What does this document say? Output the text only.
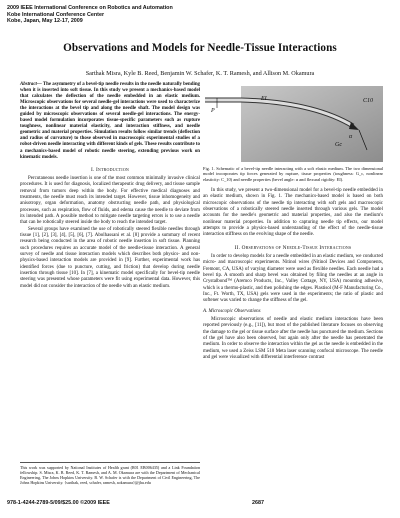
2009 IEEE International Conference on Robotics and Automation
Kobe International Conference Center
Kobe, Japan, May 12-17, 2009
Observations and Models for Needle-Tissue Interactions
Sarthak Misra, Kyle B. Reed, Benjamin W. Schafer, K. T. Ramesh, and Allison M. Okamura
Abstract— The asymmetry of a bevel-tip needle results in the needle naturally bending when it is inserted into soft tissue. In this study we present a mechanics-based model that calculates the deflection of the needle embedded in an elastic medium. Microscopic observations for several needle-gel interactions were used to characterize the interactions at the bevel tip and along the needle shaft. The model design was guided by microscopic observations of several needle-gel interactions. The energy-based model formulation incorporates tissue-specific parameters such as rupture toughness, nonlinear material elasticity, and interaction stiffness, and needle geometric and material properties. Simulation results follow similar trends (deflection and radius of curvature) to those observed in macroscopic experimental studies of a robot-driven needle interacting with different kinds of gels. These results contribute to a mechanics-based model of robotic needle steering, extending previous work on kinematic models.
I. Introduction

Percutaneous needle insertion is one of the most common minimally invasive clinical procedures. It is used for diagnosis, localized therapeutic drug delivery, and tissue sample removal from tumors deep within the body. For effective medical diagnoses and treatments, the needle must reach its intended target. However, tissue inhomogeneity and anisotropy, organ deformation, anatomy obstructing needle path, and physiological processes, such as respiration, flow of fluids, and edema cause the needle to deviate from its intended path. A possible method to mitigate needle targeting errors is to use a needle that can be robotically steered inside the body to reach the intended target.

Several groups have examined the use of robotically steered flexible needles through tissue [1], [2], [3], [4], [5], [6], [7]. Abolhassani et al. [8] provide a summary of recent research being conducted in the area of robotic needle insertion in soft tissue. Planning such procedures requires an accurate model of the needle-tissue interaction. A general survey of needle and tissue interaction models which describes both physics- and non-physics-based interaction models are provided in [9]. Further, experimental work has identified forces (due to puncture, cutting, and friction) that develop during needle insertion through tissue [10]. In [7], a kinematic model specifically for bevel-tip needle steering was presented whose parameters were fit using experimental data. However, this model did not consider the interaction of the needle with an elastic medium.

This work was supported by National Institutes of Health grant (R01 EB006435) and a Link Foundation fellowship. S. Misra, K. B. Reed, K. T. Ramesh, and A. M. Okamura are with the Department of Mechanical Engineering, The Johns Hopkins University. B. W. Schafer is with the Department of Civil Engineering, The Johns Hopkins University. {sarthak, reed, schafer, ramesh, aokamura}@jhu.edu
EI	C10
Gc
α
P
Fig. 1. Schematic of a bevel-tip needle interacting with a soft elastic medium. The two dimensional model incorporates tip forces generated by rupture, tissue properties (toughness: G_c, nonlinear elasticity: C_10) and needle properties (bevel angle: α and flexural rigidity: EI).

In this study, we present a two-dimensional model for a bevel-tip needle embedded in an elastic medium, shown in Fig. 1. The mechanics-based model is based on both microscopic observations of the needle tip interacting with soft gels and macroscopic observations of a robotically steered needle inserted through various gels. The model accounts for the needle's geometric and material properties, and also the medium's nonlinear material properties. In addition to capturing needle tip effects, our model attempts to provide a physics-based understanding of the effect of the needle-tissue interaction stiffness on the evolving shape of the needle.

II. Observations of Needle-Tissue Interactions

In order to develop models for a needle embedded in an elastic medium, we conducted micro- and macroscopic experiments. Nitinol wires (Nitinol Devices and Components, Fremont, CA, USA) of varying diameter were used as flexible needles. Each needle had a bevel tip. A smooth and sharp bevel was obtained by filing the needles at an angle in Crystalbond™ (Aremco Products, Inc., Valley Cottage, NY, USA) mounting adhesive, which is a thermo-plastic, and then polishing the edges. Plastisol (M-F Manufacturing Co., Inc., Ft. Worth, TX, USA) gels were used in the experiments; the ratio of plastic and softener was varied to change the stiffness of the gel.

A. Microscopic Observations

Microscopic observations of needle and elastic medium interactions have been reported previously (e.g., [11]), but most of the published literature focuses on observing the damage to the gel or tissue surface after the needle has punctured the medium. Sections of the gel have also been observed, but again only after the needle has penetrated the medium. In order to observe the interaction within the gel as the needle is embedded in the medium, we used a Zeiss LSM 510 Meta laser scanning confocal microscope. The needle and gel were visualized with differential interference contrast

978-1-4244-2789-5/09/$25.00 ©2009 IEEE	2687
